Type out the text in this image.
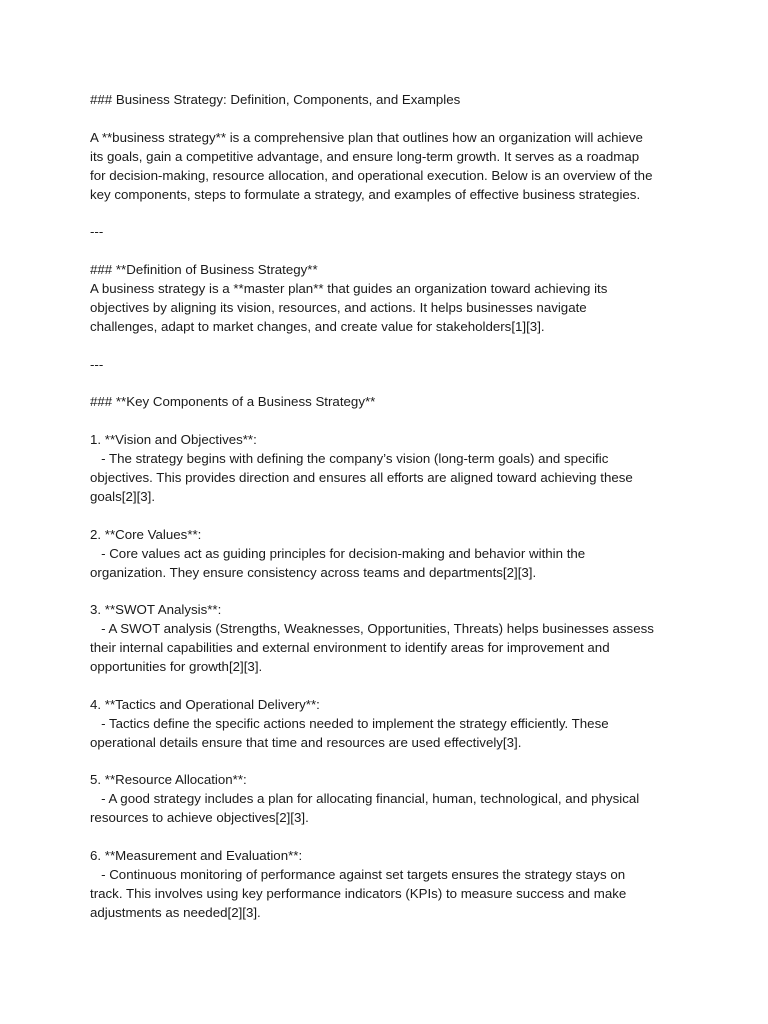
### Business Strategy: Definition, Components, and Examples
A **business strategy** is a comprehensive plan that outlines how an organization will achieve
its goals, gain a competitive advantage, and ensure long-term growth. It serves as a roadmap
for decision-making, resource allocation, and operational execution. Below is an overview of the
key components, steps to formulate a strategy, and examples of effective business strategies.
---
### **Definition of Business Strategy**
A business strategy is a **master plan** that guides an organization toward achieving its
objectives by aligning its vision, resources, and actions. It helps businesses navigate
challenges, adapt to market changes, and create value for stakeholders[1][3].
---
### **Key Components of a Business Strategy**
1. **Vision and Objectives**:
- The strategy begins with defining the company’s vision (long-term goals) and specific
objectives. This provides direction and ensures all efforts are aligned toward achieving these
goals[2][3].
2. **Core Values**:
- Core values act as guiding principles for decision-making and behavior within the
organization. They ensure consistency across teams and departments[2][3].
3. **SWOT Analysis**:
- A SWOT analysis (Strengths, Weaknesses, Opportunities, Threats) helps businesses assess
their internal capabilities and external environment to identify areas for improvement and
opportunities for growth[2][3].
4. **Tactics and Operational Delivery**:
- Tactics define the specific actions needed to implement the strategy efficiently. These
operational details ensure that time and resources are used effectively[3].
5. **Resource Allocation**:
- A good strategy includes a plan for allocating financial, human, technological, and physical
resources to achieve objectives[2][3].
6. **Measurement and Evaluation**:
- Continuous monitoring of performance against set targets ensures the strategy stays on
track. This involves using key performance indicators (KPIs) to measure success and make
adjustments as needed[2][3].
